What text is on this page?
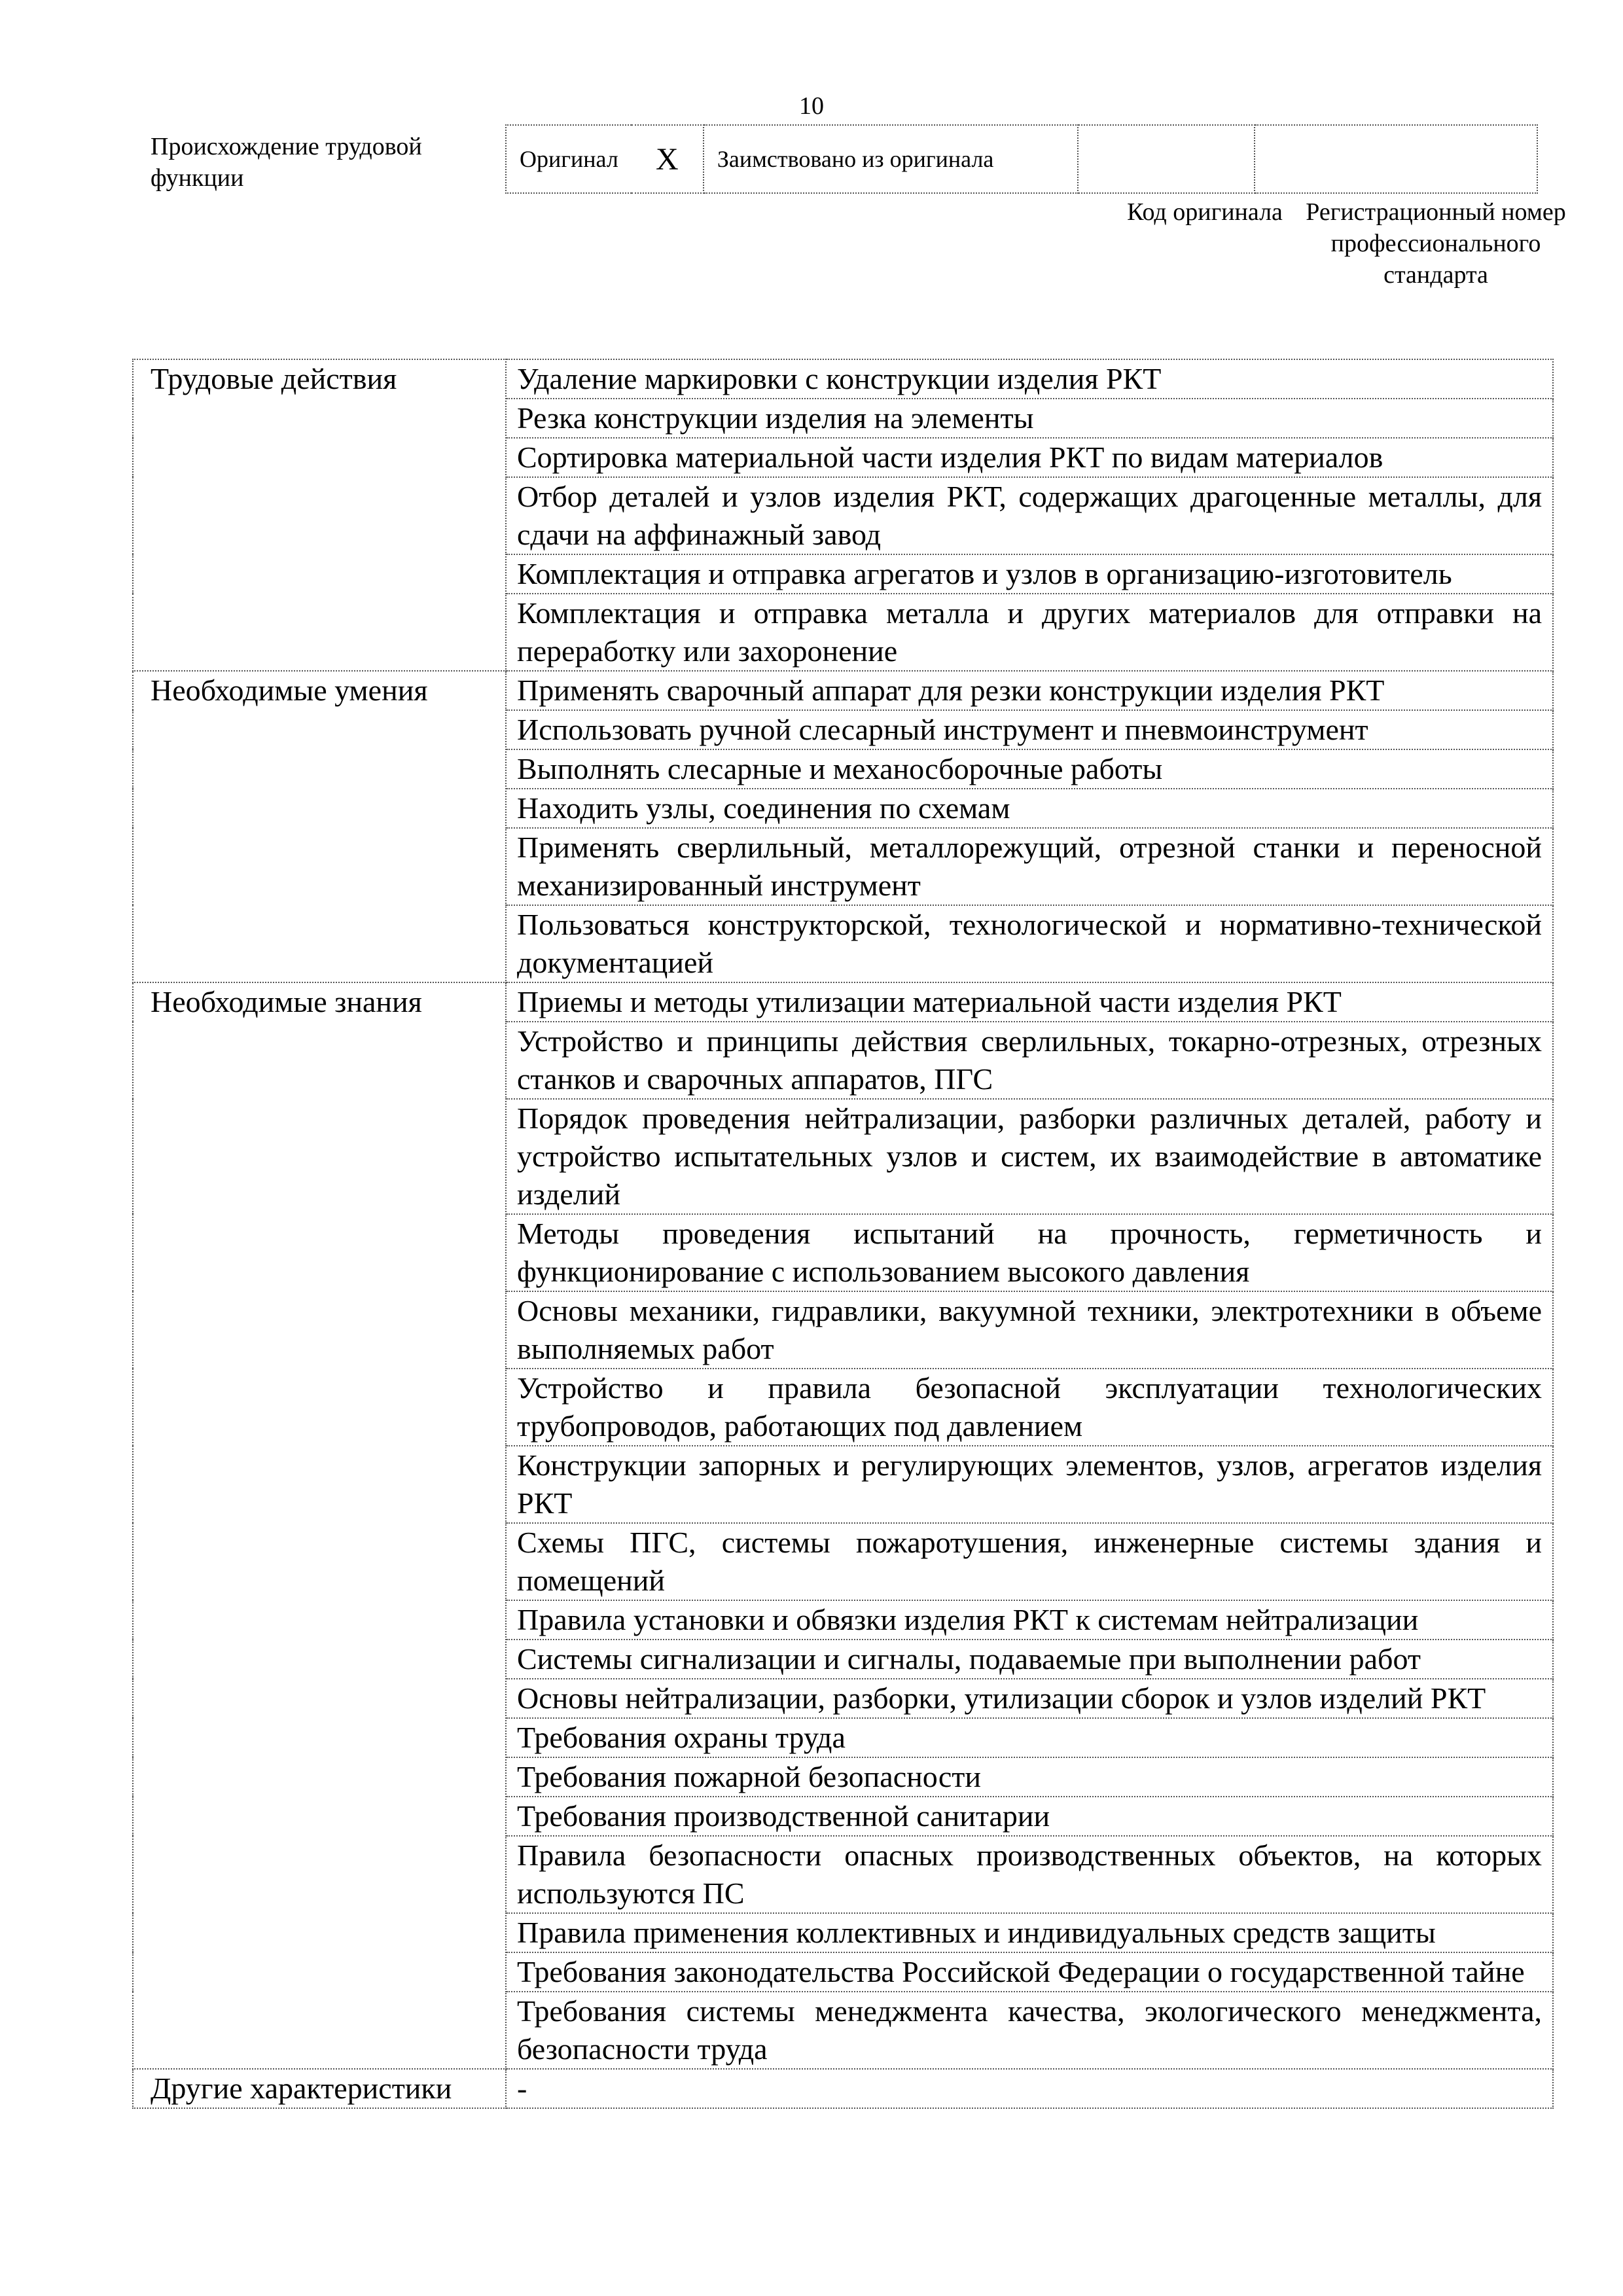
10
Происхождение трудовой функции
Оригинал	X	Заимствовано из оригинала		
Код оригинала Регистрационный номер профессионального стандарта
Трудовые действия	Удаление маркировки с конструкции изделия РКТ
	Резка конструкции изделия на элементы
	Сортировка материальной части изделия РКТ по видам материалов
	Отбор деталей и узлов изделия РКТ, содержащих драгоценные металлы, для сдачи на аффинажный завод
	Комплектация и отправка агрегатов и узлов в организацию-изготовитель
	Комплектация и отправка металла и других материалов для отправки на переработку или захоронение
Необходимые умения	Применять сварочный аппарат для резки конструкции изделия РКТ
	Использовать ручной слесарный инструмент и пневмоинструмент
	Выполнять слесарные и механосборочные работы
	Находить узлы, соединения по схемам
	Применять сверлильный, металлорежущий, отрезной станки и переносной механизированный инструмент
	Пользоваться конструкторской, технологической и нормативно-технической документацией
Необходимые знания	Приемы и методы утилизации материальной части изделия РКТ
	Устройство и принципы действия сверлильных, токарно-отрезных, отрезных станков и сварочных аппаратов, ПГС
	Порядок проведения нейтрализации, разборки различных деталей, работу и устройство испытательных узлов и систем, их взаимодействие в автоматике изделий
	Методы проведения испытаний на прочность, герметичность и функционирование с использованием высокого давления
	Основы механики, гидравлики, вакуумной техники, электротехники в объеме выполняемых работ
	Устройство и правила безопасной эксплуатации технологических трубопроводов, работающих под давлением
	Конструкции запорных и регулирующих элементов, узлов, агрегатов изделия РКТ
	Схемы ПГС, системы пожаротушения, инженерные системы здания и помещений
	Правила установки и обвязки изделия РКТ к системам нейтрализации
	Системы сигнализации и сигналы, подаваемые при выполнении работ
	Основы нейтрализации, разборки, утилизации сборок и узлов изделий РКТ
	Требования охраны труда
	Требования пожарной безопасности
	Требования производственной санитарии
	Правила безопасности опасных производственных объектов, на которых используются ПС
	Правила применения коллективных и индивидуальных средств защиты
	Требования законодательства Российской Федерации о государственной тайне
	Требования системы менеджмента качества, экологического менеджмента, безопасности труда
Другие характеристики	-
